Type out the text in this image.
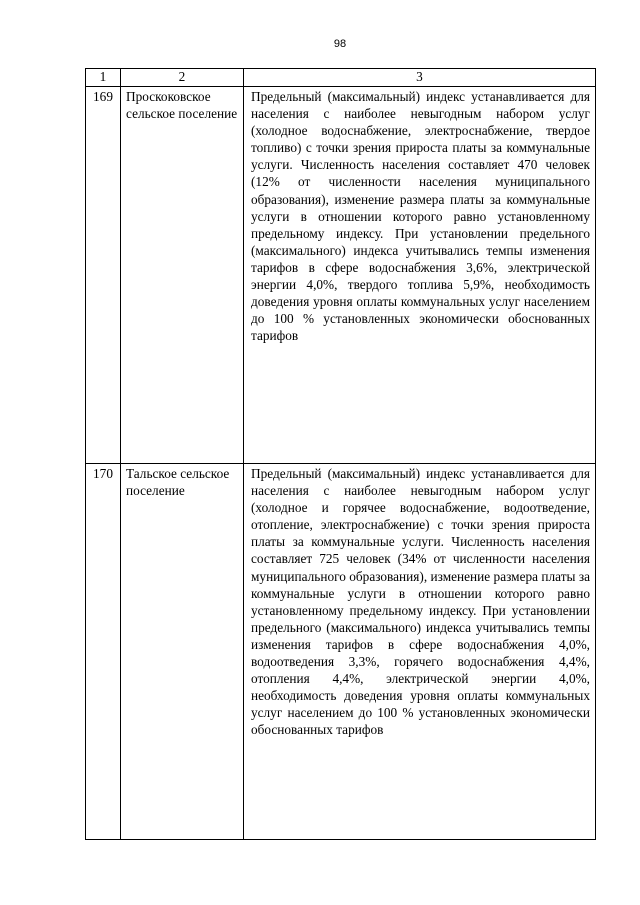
98
1	2	3
169	Проскоковское сельское поселение	Предельный (максимальный) индекс устанавливается для населения с наиболее невыгодным набором услуг (холодное водоснабжение, электроснабжение, твердое топливо) с точки зрения прироста платы за коммунальные услуги. Численность населения составляет 470 человек (12% от численности населения муниципального образования), изменение размера платы за коммунальные услуги в отношении которого равно установленному предельному индексу. При установлении предельного (максимального) индекса учитывались темпы изменения тарифов в сфере водоснабжения 3,6%, электрической энергии 4,0%, твердого топлива 5,9%, необходимость доведения уровня оплаты коммунальных услуг населением до 100 % установленных экономически обоснованных тарифов
170	Тальское сельское поселение	Предельный (максимальный) индекс устанавливается для населения с наиболее невыгодным набором услуг (холодное и горячее водоснабжение, водоотведение, отопление, электроснабжение) с точки зрения прироста платы за коммунальные услуги. Численность населения составляет 725 человек (34% от численности населения муниципального образования), изменение размера платы за коммунальные услуги в отношении которого равно установленному предельному индексу. При установлении предельного (максимального) индекса учитывались темпы изменения тарифов в сфере водоснабжения 4,0%, водоотведения 3,3%, горячего водоснабжения 4,4%, отопления 4,4%, электрической энергии 4,0%, необходимость доведения уровня оплаты коммунальных услуг населением до 100 % установленных экономически обоснованных тарифов
